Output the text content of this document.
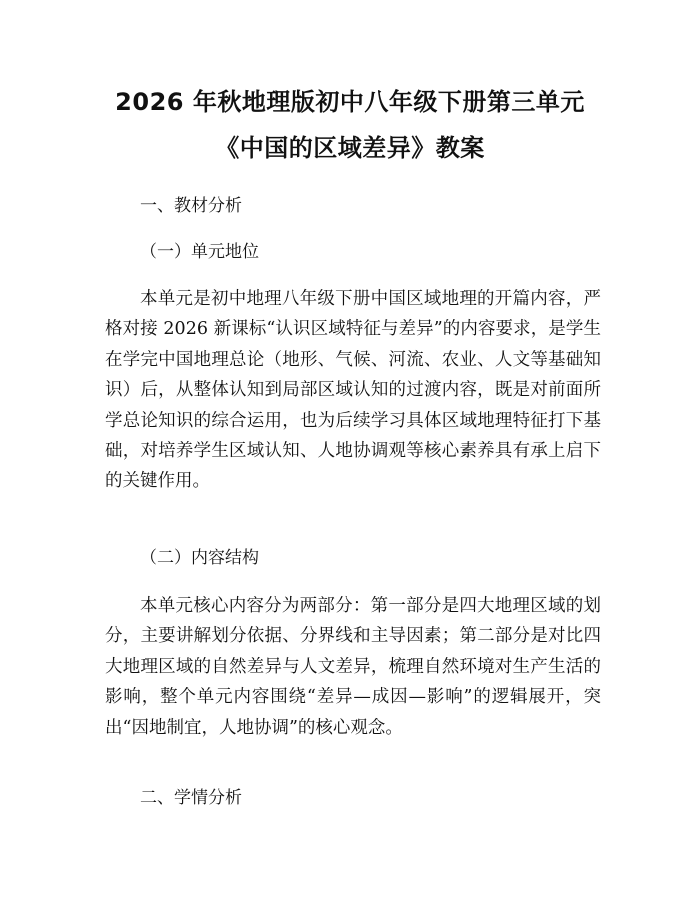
2026 年秋地理版初中八年级下册第三单元
《中国的区域差异》教案
一、教材分析
（一）单元地位
本单元是初中地理八年级下册中国区域地理的开篇内容，严格对接 2026 新课标“认识区域特征与差异”的内容要求，是学生在学完中国地理总论（地形、气候、河流、农业、人文等基础知识）后，从整体认知到局部区域认知的过渡内容，既是对前面所学总论知识的综合运用，也为后续学习具体区域地理特征打下基础，对培养学生区域认知、人地协调观等核心素养具有承上启下的关键作用。
（二）内容结构
本单元核心内容分为两部分：第一部分是四大地理区域的划分，主要讲解划分依据、分界线和主导因素；第二部分是对比四大地理区域的自然差异与人文差异，梳理自然环境对生产生活的影响，整个单元内容围绕“差异—成因—影响”的逻辑展开，突出“因地制宜，人地协调”的核心观念。
二、学情分析
